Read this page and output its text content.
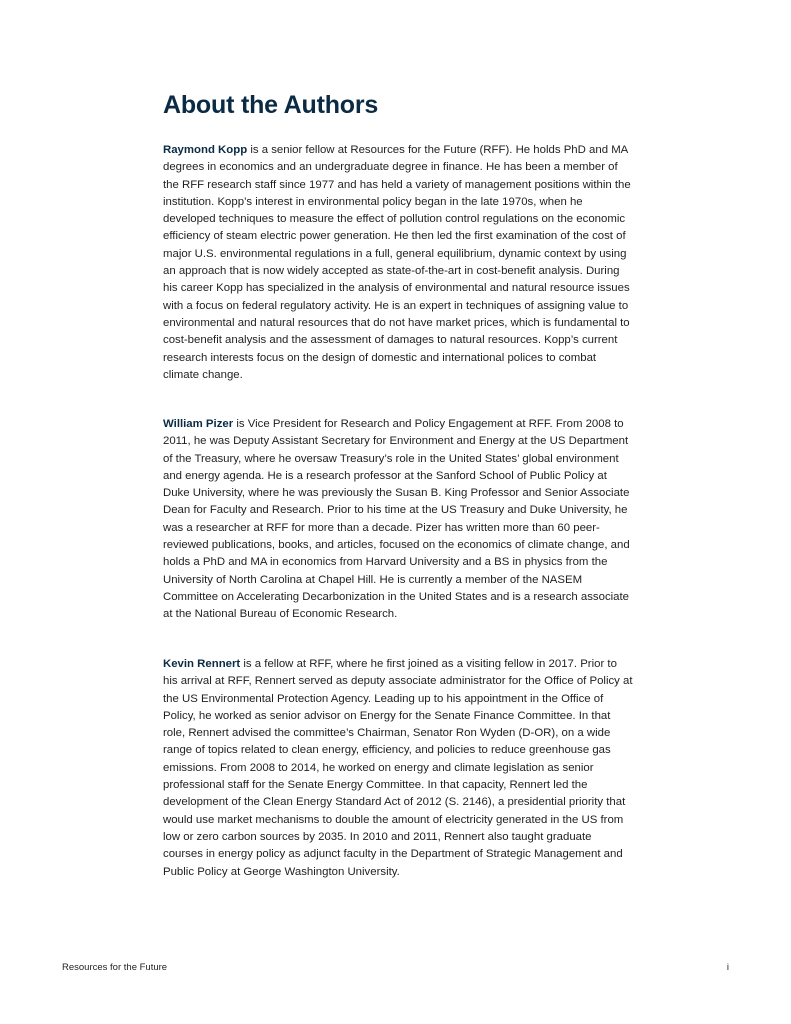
About the Authors

Raymond Kopp is a senior fellow at Resources for the Future (RFF). He holds PhD and MA degrees in economics and an undergraduate degree in finance. He has been a member of the RFF research staff since 1977 and has held a variety of management positions within the institution. Kopp’s interest in environmental policy began in the late 1970s, when he developed techniques to measure the effect of pollution control regulations on the economic efficiency of steam electric power generation. He then led the first examination of the cost of major U.S. environmental regulations in a full, general equilibrium, dynamic context by using an approach that is now widely accepted as state-of-the-art in cost-benefit analysis. During his career Kopp has specialized in the analysis of environmental and natural resource issues with a focus on federal regulatory activity. He is an expert in techniques of assigning value to environmental and natural resources that do not have market prices, which is fundamental to cost-benefit analysis and the assessment of damages to natural resources. Kopp’s current research interests focus on the design of domestic and international polices to combat climate change.

William Pizer is Vice President for Research and Policy Engagement at RFF. From 2008 to 2011, he was Deputy Assistant Secretary for Environment and Energy at the US Department of the Treasury, where he oversaw Treasury’s role in the United States’ global environment and energy agenda. He is a research professor at the Sanford School of Public Policy at Duke University, where he was previously the Susan B. King Professor and Senior Associate Dean for Faculty and Research. Prior to his time at the US Treasury and Duke University, he was a researcher at RFF for more than a decade. Pizer has written more than 60 peer-reviewed publications, books, and articles, focused on the economics of climate change, and holds a PhD and MA in economics from Harvard University and a BS in physics from the University of North Carolina at Chapel Hill. He is currently a member of the NASEM Committee on Accelerating Decarbonization in the United States and is a research associate at the National Bureau of Economic Research.

Kevin Rennert is a fellow at RFF, where he first joined as a visiting fellow in 2017. Prior to his arrival at RFF, Rennert served as deputy associate administrator for the Office of Policy at the US Environmental Protection Agency. Leading up to his appointment in the Office of Policy, he worked as senior advisor on Energy for the Senate Finance Committee. In that role, Rennert advised the committee’s Chairman, Senator Ron Wyden (D-OR), on a wide range of topics related to clean energy, efficiency, and policies to reduce greenhouse gas emissions. From 2008 to 2014, he worked on energy and climate legislation as senior professional staff for the Senate Energy Committee. In that capacity, Rennert led the development of the Clean Energy Standard Act of 2012 (S. 2146), a presidential priority that would use market mechanisms to double the amount of electricity generated in the US from low or zero carbon sources by 2035. In 2010 and 2011, Rennert also taught graduate courses in energy policy as adjunct faculty in the Department of Strategic Management and Public Policy at George Washington University.

Resources for the Future	i
